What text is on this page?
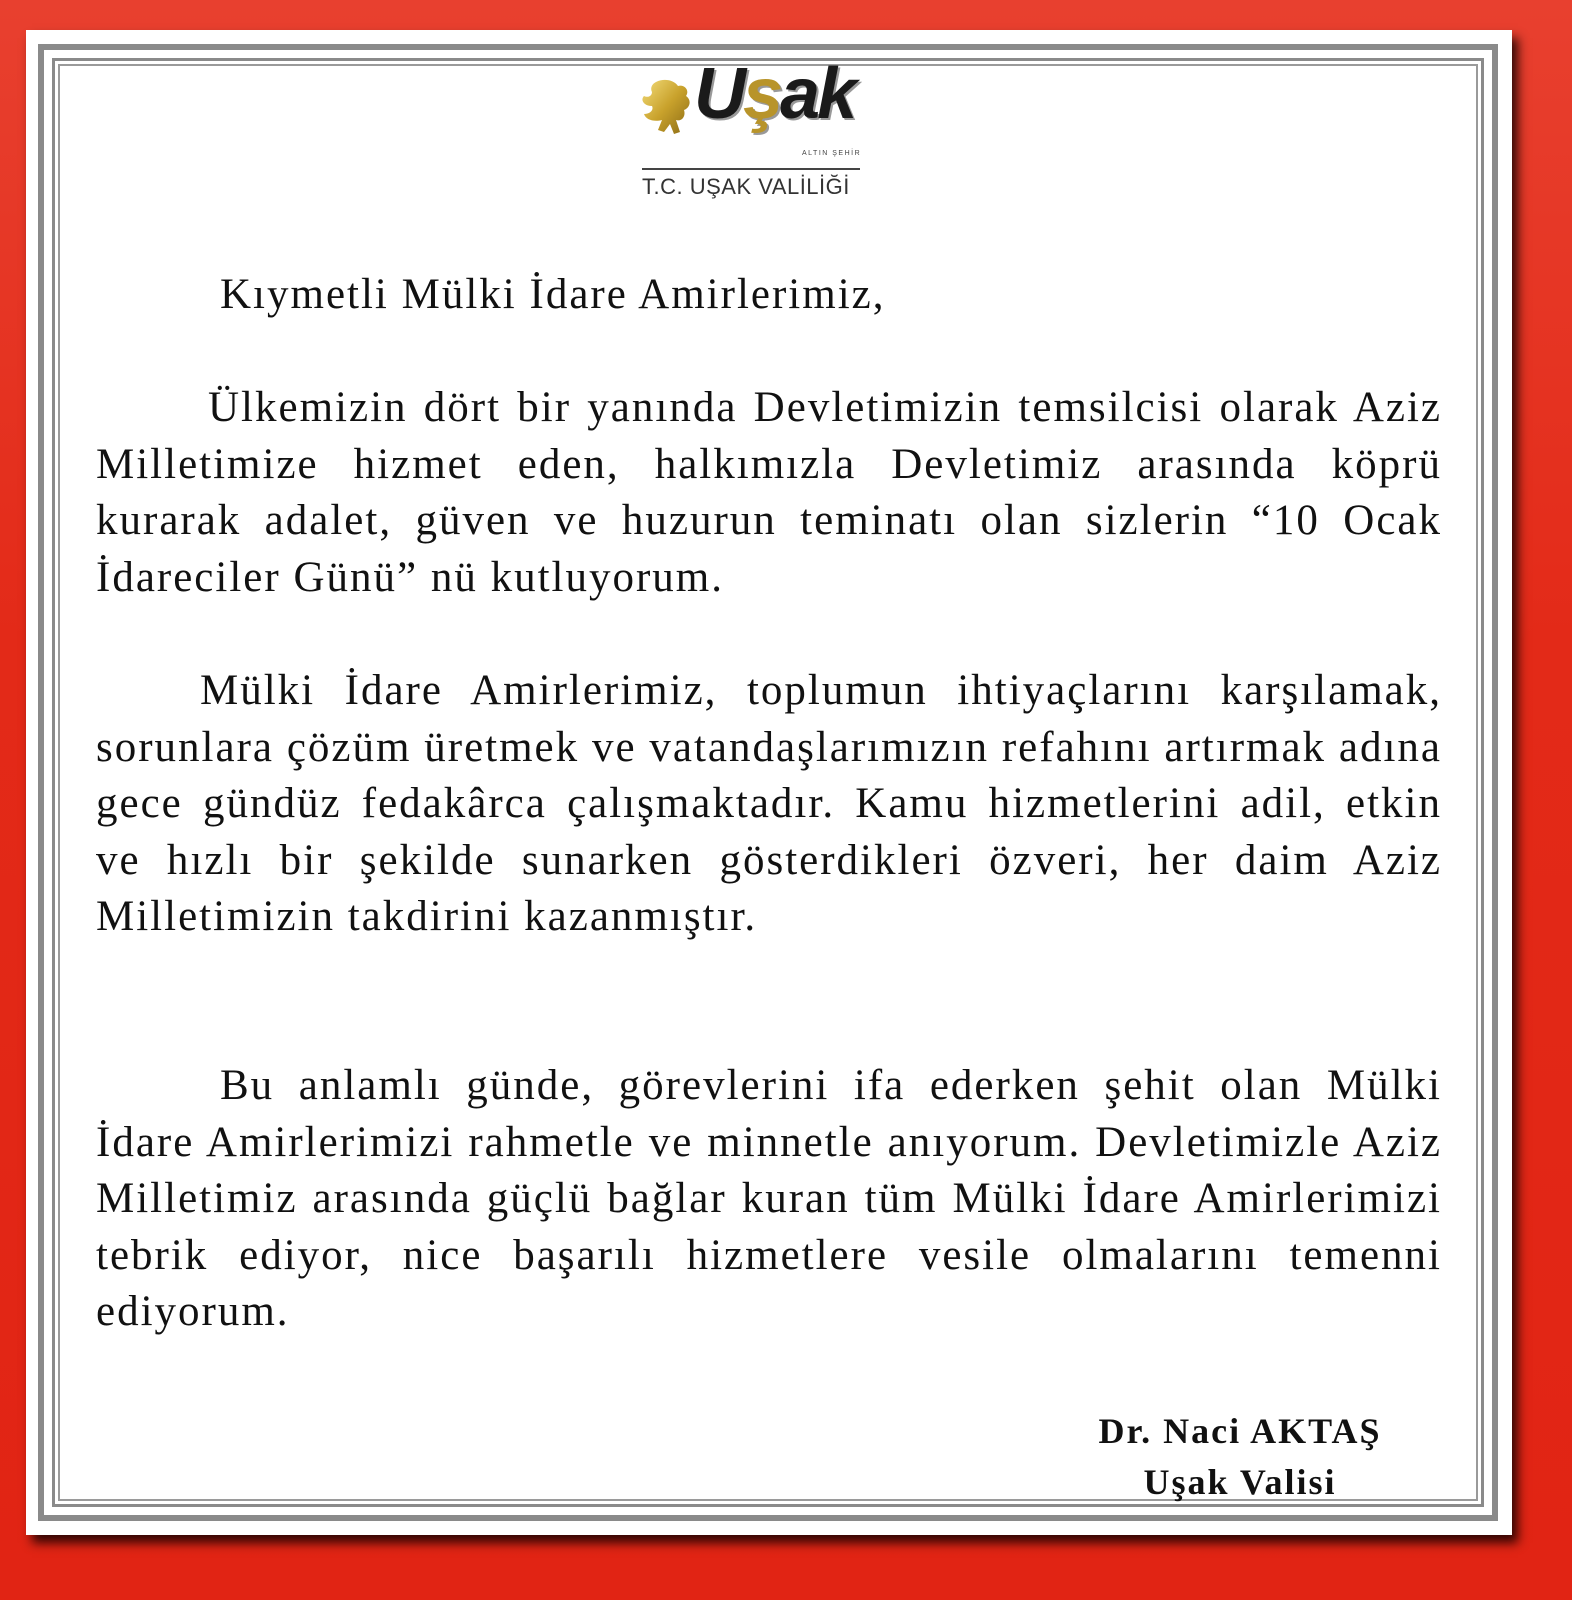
Uşak
ALTIN ŞEHİR
T.C. UŞAK VALİLİĞİ
Kıymetli Mülki İdare Amirlerimiz,

Ülkemizin dört bir yanında Devletimizin temsilcisi olarak Aziz Milletimize hizmet eden, halkımızla Devletimiz arasında köprü kurarak adalet, güven ve huzurun teminatı olan sizlerin “10 Ocak İdareciler Günü” nü kutluyorum.

Mülki İdare Amirlerimiz, toplumun ihtiyaçlarını karşılamak, sorunlara çözüm üretmek ve vatandaşlarımızın refahını artırmak adına gece gündüz fedakârca çalışmaktadır. Kamu hizmetlerini adil, etkin ve hızlı bir şekilde sunarken gösterdikleri özveri, her daim Aziz Milletimizin takdirini kazanmıştır.

Bu anlamlı günde, görevlerini ifa ederken şehit olan Mülki İdare Amirlerimizi rahmetle ve minnetle anıyorum. Devletimizle Aziz Milletimiz arasında güçlü bağlar kuran tüm Mülki İdare Amirlerimizi tebrik ediyor, nice başarılı hizmetlere vesile olmalarını temenni ediyorum.

Dr. Naci AKTAŞ
Uşak Valisi
